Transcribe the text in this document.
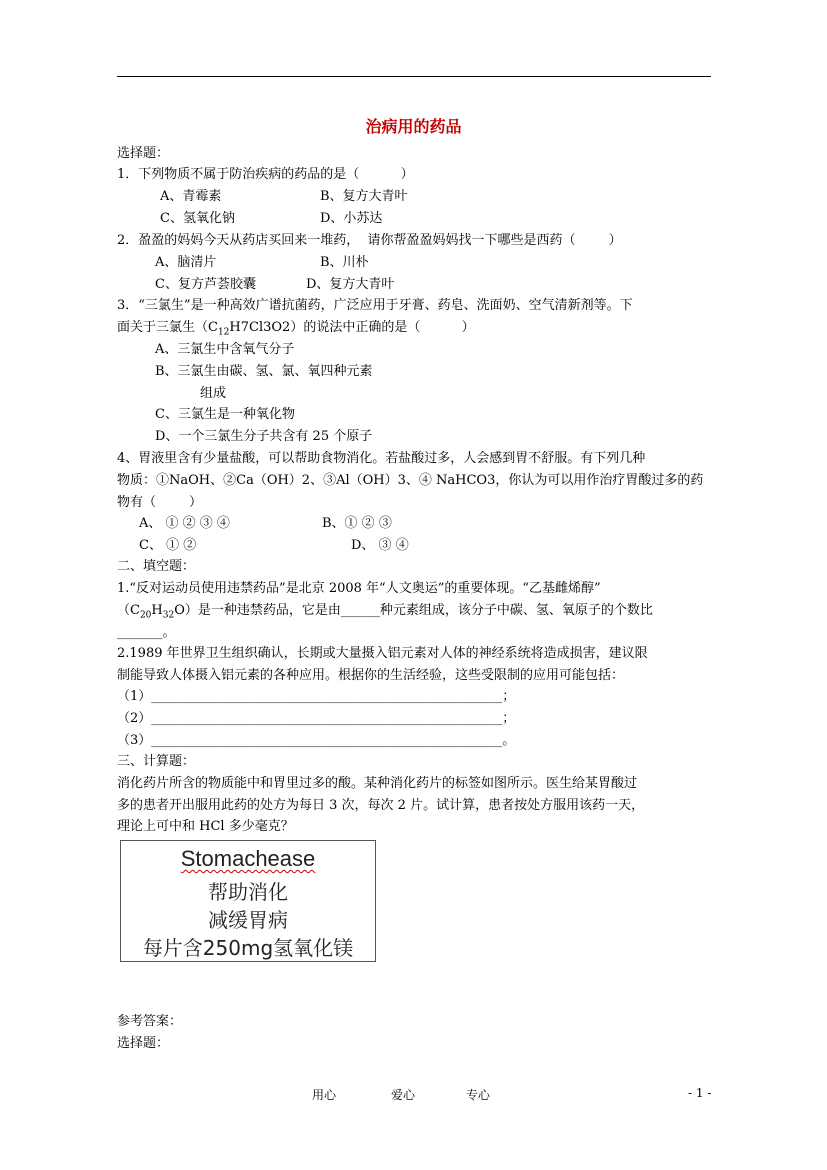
治病用的药品
选择题：
1．下列物质不属于防治疾病的药品的是（          ）
A、青霉素	B、复方大青叶
C、氢氧化钠	D、小苏达
2．盈盈的妈妈今天从药店买回来一堆药，  请你帮盈盈妈妈找一下哪些是西药（        ）
A、脑清片	B、川朴
C、复方芦荟胶囊	D、复方大青叶
3．“三氯生”是一种高效广谱抗菌药，广泛应用于牙膏、药皂、洗面奶、空气清新剂等。下
面关于三氯生$(C_{12}H7Cl3O2)$的说法中正确的是（          ）
A、三氯生中含氧气分子
B、三氯生由碳、氢、氯、氧四种元素
组成
C、三氯生是一种氧化物
D、一个三氯生分子共含有 25 个原子
4、胃液里含有少量盐酸，可以帮助食物消化。若盐酸过多，人会感到胃不舒服。有下列几种
物质：①NaOH、②Ca（OH）2、③Al（OH）3、④ NaHCO3，你认为可以用作治疗胃酸过多的药
物有（        ）
A、 ① ② ③ ④	B、① ② ③
C、 ① ②	D、 ③ ④
二、填空题：
1.“反对运动员使用违禁药品”是北京 2008 年“人文奥运”的重要体现。“乙基雌烯醇”
$(C_{20}H_{32}O)$是一种违禁药品，它是由______种元素组成，该分子中碳、氢、氧原子的个数比
_______。
2.1989 年世界卫生组织确认，长期或大量摄入铝元素对人体的神经系统将造成损害，建议限
制能导致人体摄入铝元素的各种应用。根据你的生活经验，这些受限制的应用可能包括：
（1）______________________________________________________；
（2）______________________________________________________；
（3）______________________________________________________。
三、计算题：
消化药片所含的物质能中和胃里过多的酸。某种消化药片的标签如图所示。医生给某胃酸过
多的患者开出服用此药的处方为每日 3 次，每次 2 片。试计算，患者按处方服用该药一天，
理论上可中和 HCl 多少毫克？
Stomachease
帮助消化
减缓胃病
每片含250mg氢氧化镁
参考答案：
选择题：
用心	爱心	专心	- 1 -
